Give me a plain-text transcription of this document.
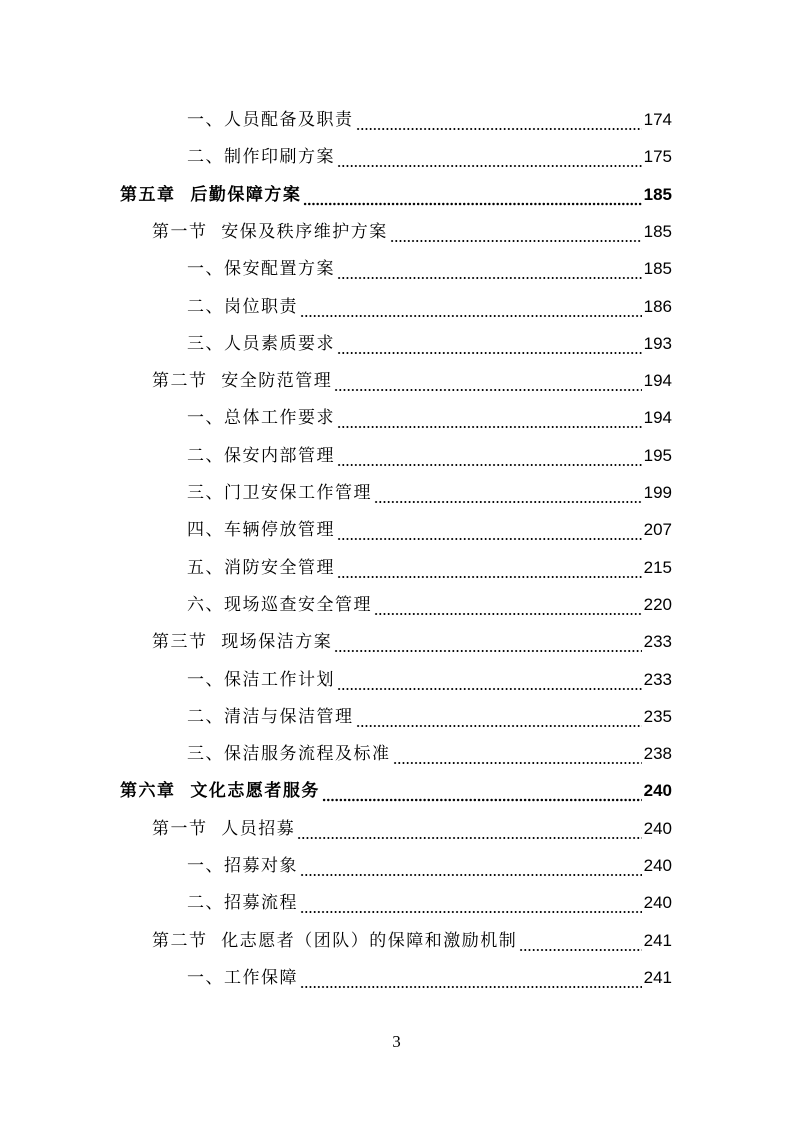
一、人员配备及职责	174
二、制作印刷方案	175
第五章  后勤保障方案	185
第一节  安保及秩序维护方案	185
一、保安配置方案	185
二、岗位职责	186
三、人员素质要求	193
第二节  安全防范管理	194
一、总体工作要求	194
二、保安内部管理	195
三、门卫安保工作管理	199
四、车辆停放管理	207
五、消防安全管理	215
六、现场巡查安全管理	220
第三节  现场保洁方案	233
一、保洁工作计划	233
二、清洁与保洁管理	235
三、保洁服务流程及标准	238
第六章  文化志愿者服务	240
第一节  人员招募	240
一、招募对象	240
二、招募流程	240
第二节  化志愿者（团队）的保障和激励机制	241
一、工作保障	241
3
